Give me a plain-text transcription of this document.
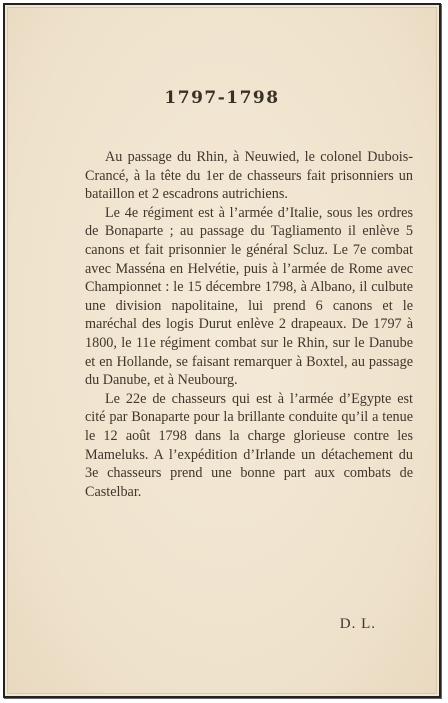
1797-1798

Au passage du Rhin, à Neuwied, le colonel Dubois-Crancé, à la tête du 1er de chasseurs fait prisonniers un bataillon et 2 escadrons autrichiens.

Le 4e régiment est à l’armée d’Italie, sous les ordres de Bonaparte ; au passage du Tagliamento il enlève 5 canons et fait prisonnier le général Scluz. Le 7e combat avec Masséna en Helvétie, puis à l’armée de Rome avec Championnet : le 15 décembre 1798, à Albano, il culbute une division napolitaine, lui prend 6 canons et le maréchal des logis Durut enlève 2 drapeaux. De 1797 à 1800, le 11e régiment combat sur le Rhin, sur le Danube et en Hollande, se faisant remarquer à Boxtel, au passage du Danube, et à Neubourg.

Le 22e de chasseurs qui est à l’armée d’Egypte est cité par Bonaparte pour la brillante conduite qu’il a tenue le 12 août 1798 dans la charge glorieuse contre les Mameluks. A l’expédition d’Irlande un détachement du 3e chasseurs prend une bonne part aux combats de Castelbar.

D. L.
